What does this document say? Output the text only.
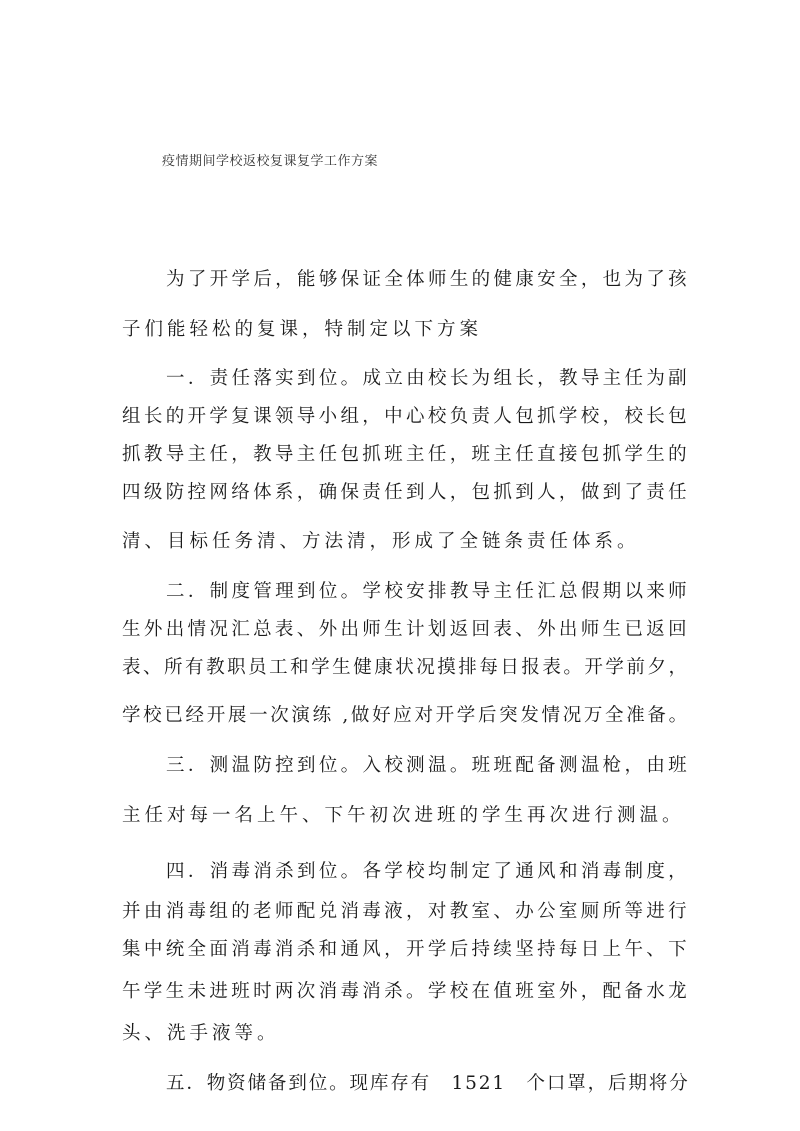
疫情期间学校返校复课复学工作方案
为了开学后，能够保证全体师生的健康安全，也为了孩
子们能轻松的复课，特制定以下方案
一．责任落实到位。成立由校长为组长，教导主任为副
组长的开学复课领导小组，中心校负责人包抓学校，校长包
抓教导主任，教导主任包抓班主任，班主任直接包抓学生的
四级防控网络体系，确保责任到人，包抓到人，做到了责任
清、目标任务清、方法清，形成了全链条责任体系。
二．制度管理到位。学校安排教导主任汇总假期以来师
生外出情况汇总表、外出师生计划返回表、外出师生已返回
表、所有教职员工和学生健康状况摸排每日报表。开学前夕，
学校已经开展一次演练 ,做好应对开学后突发情况万全准备。
三．测温防控到位。入校测温。班班配备测温枪，由班
主任对每一名上午、下午初次进班的学生再次进行测温。
四．消毒消杀到位。各学校均制定了通风和消毒制度，
并由消毒组的老师配兑消毒液，对教室、办公室厕所等进行
集中统全面消毒消杀和通风，开学后持续坚持每日上午、下
午学生未进班时两次消毒消杀。学校在值班室外，配备水龙
头、洗手液等。
五．物资储备到位。现库存有　1521　个口罩，后期将分
